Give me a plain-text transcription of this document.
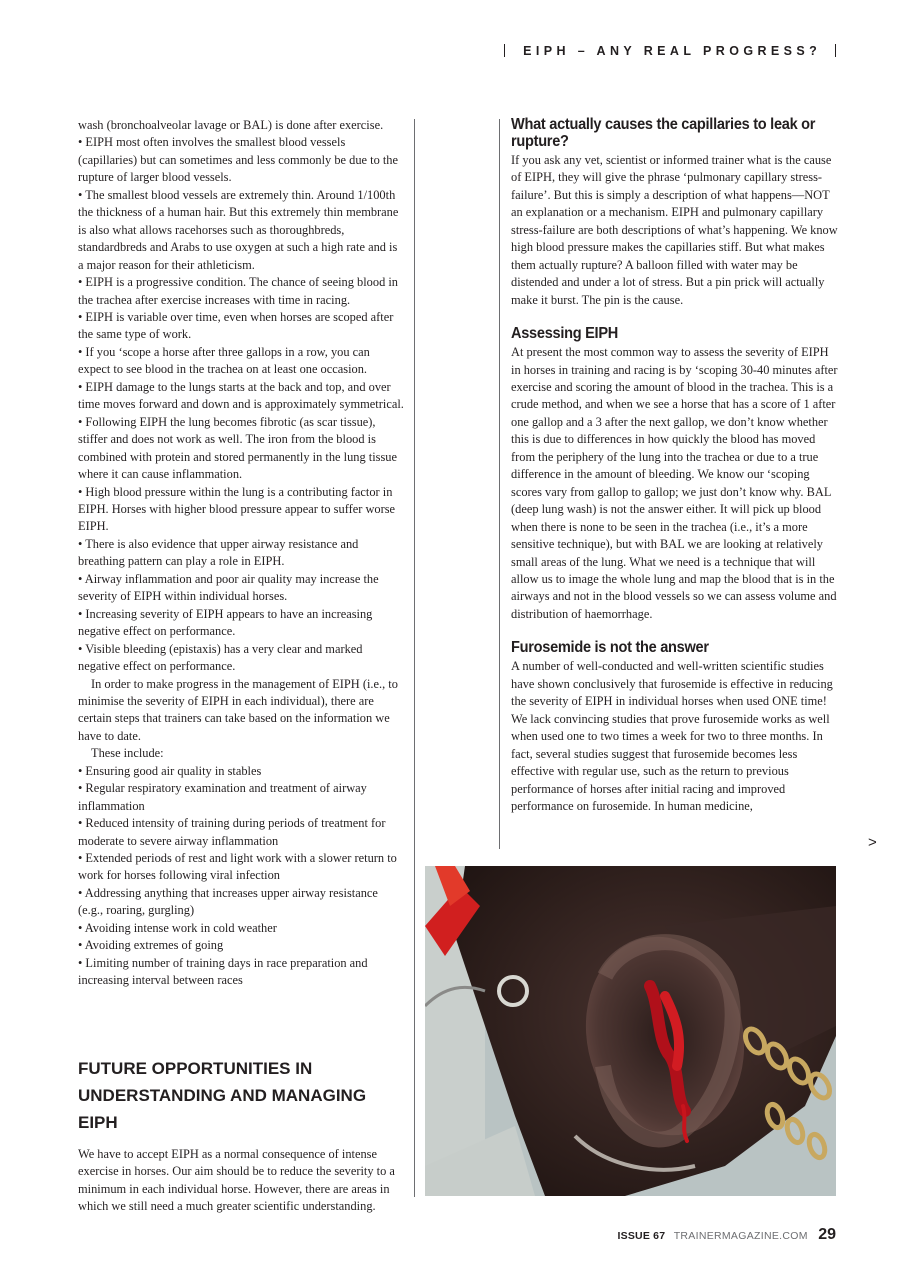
EIPH – ANY REAL PROGRESS?

wash (bronchoalveolar lavage or BAL) is done after exercise.

• EIPH most often involves the smallest blood vessels (capillaries) but can sometimes and less commonly be due to the rupture of larger blood vessels.

• The smallest blood vessels are extremely thin. Around 1/100th the thickness of a human hair. But this extremely thin membrane is also what allows racehorses such as thoroughbreds, standardbreds and Arabs to use oxygen at such a high rate and is a major reason for their athleticism.

• EIPH is a progressive condition. The chance of seeing blood in the trachea after exercise increases with time in racing.

• EIPH is variable over time, even when horses are scoped after the same type of work.

• If you ‘scope a horse after three gallops in a row, you can expect to see blood in the trachea on at least one occasion.

• EIPH damage to the lungs starts at the back and top, and over time moves forward and down and is approximately symmetrical.

• Following EIPH the lung becomes fibrotic (as scar tissue), stiffer and does not work as well. The iron from the blood is combined with protein and stored permanently in the lung tissue where it can cause inflammation.

• High blood pressure within the lung is a contributing factor in EIPH. Horses with higher blood pressure appear to suffer worse EIPH.

• There is also evidence that upper airway resistance and breathing pattern can play a role in EIPH.

• Airway inflammation and poor air quality may increase the severity of EIPH within individual horses.

• Increasing severity of EIPH appears to have an increasing negative effect on performance.

• Visible bleeding (epistaxis) has a very clear and marked negative effect on performance.

In order to make progress in the management of EIPH (i.e., to minimise the severity of EIPH in each individual), there are certain steps that trainers can take based on the information we have to date.

These include:

• Ensuring good air quality in stables

• Regular respiratory examination and treatment of airway inflammation

• Reduced intensity of training during periods of treatment for moderate to severe airway inflammation

• Extended periods of rest and light work with a slower return to work for horses following viral infection

• Addressing anything that increases upper airway resistance (e.g., roaring, gurgling)

• Avoiding intense work in cold weather

• Avoiding extremes of going

• Limiting number of training days in race preparation and increasing interval between races

FUTURE OPPORTUNITIES IN
UNDERSTANDING AND MANAGING EIPH

We have to accept EIPH as a normal consequence of intense exercise in horses. Our aim should be to reduce the severity to a minimum in each individual horse. However, there are areas in which we still need a much greater scientific understanding.

What actually causes the capillaries to leak or rupture?

If you ask any vet, scientist or informed trainer what is the cause of EIPH, they will give the phrase ‘pulmonary capillary stress-failure’. But this is simply a description of what happens—NOT an explanation or a mechanism. EIPH and pulmonary capillary stress-failure are both descriptions of what’s happening. We know high blood pressure makes the capillaries stiff. But what makes them actually rupture? A balloon filled with water may be distended and under a lot of stress. But a pin prick will actually make it burst. The pin is the cause.

Assessing EIPH

At present the most common way to assess the severity of EIPH in horses in training and racing is by ‘scoping 30-40 minutes after exercise and scoring the amount of blood in the trachea. This is a crude method, and when we see a horse that has a score of 1 after one gallop and a 3 after the next gallop, we don’t know whether this is due to differences in how quickly the blood has moved from the periphery of the lung into the trachea or due to a true difference in the amount of bleeding. We know our ‘scoping scores vary from gallop to gallop; we just don’t know why. BAL (deep lung wash) is not the answer either. It will pick up blood when there is none to be seen in the trachea (i.e., it’s a more sensitive technique), but with BAL we are looking at relatively small areas of the lung. What we need is a technique that will allow us to image the whole lung and map the blood that is in the airways and not in the blood vessels so we can assess volume and distribution of haemorrhage.

Furosemide is not the answer

A number of well-conducted and well-written scientific studies have shown conclusively that furosemide is effective in reducing the severity of EIPH in individual horses when used ONE time! We lack convincing studies that prove furosemide works as well when used one to two times a week for two to three months. In fact, several studies suggest that furosemide becomes less effective with regular use, such as the return to previous performance of horses after initial racing and improved performance on furosemide. In human medicine,

>
ISSUE 67 TRAINERMAGAZINE.COM 29
